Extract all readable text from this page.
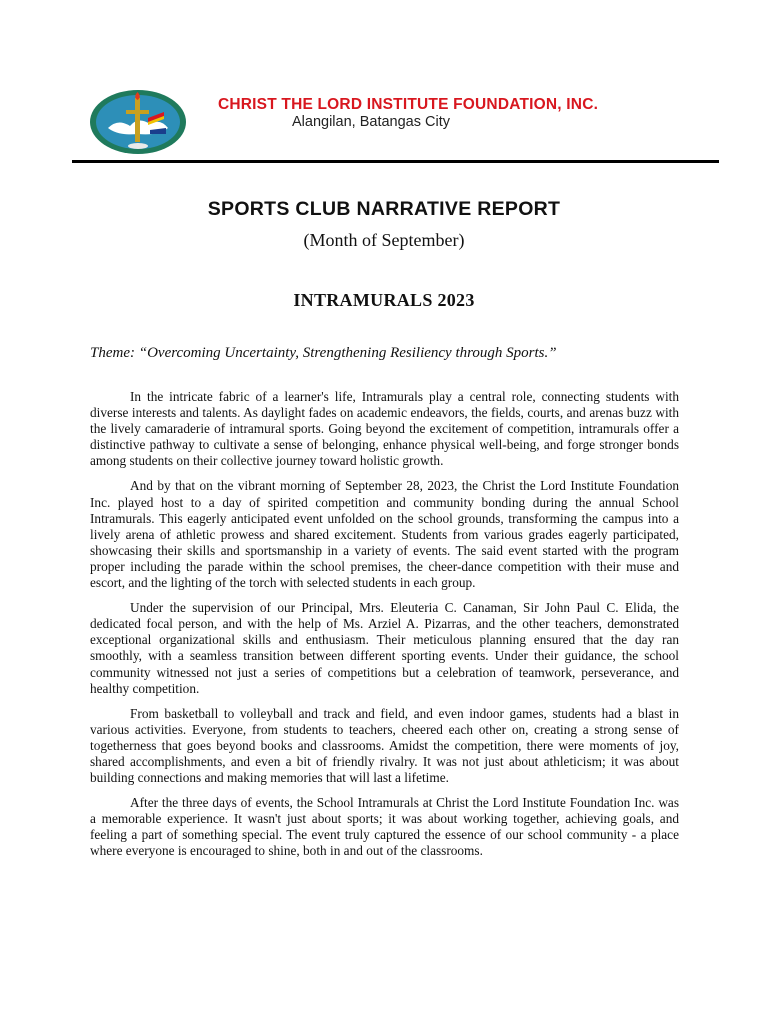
CHRIST THE LORD INSTITUTE FOUNDATION, INC.
Alangilan, Batangas City
SPORTS CLUB NARRATIVE REPORT
(Month of September)
INTRAMURALS 2023
Theme: “Overcoming Uncertainty, Strengthening Resiliency through Sports.”

In the intricate fabric of a learner's life, Intramurals play a central role, connecting students with diverse interests and talents. As daylight fades on academic endeavors, the fields, courts, and arenas buzz with the lively camaraderie of intramural sports. Going beyond the excitement of competition, intramurals offer a distinctive pathway to cultivate a sense of belonging, enhance physical well-being, and forge stronger bonds among students on their collective journey toward holistic growth.

And by that on the vibrant morning of September 28, 2023, the Christ the Lord Institute Foundation Inc. played host to a day of spirited competition and community bonding during the annual School Intramurals. This eagerly anticipated event unfolded on the school grounds, transforming the campus into a lively arena of athletic prowess and shared excitement. Students from various grades eagerly participated, showcasing their skills and sportsmanship in a variety of events. The said event started with the program proper including the parade within the school premises, the cheer-dance competition with their muse and escort, and the lighting of the torch with selected students in each group.

Under the supervision of our Principal, Mrs. Eleuteria C. Canaman, Sir John Paul C. Elida, the dedicated focal person, and with the help of Ms. Arziel A. Pizarras, and the other teachers, demonstrated exceptional organizational skills and enthusiasm. Their meticulous planning ensured that the day ran smoothly, with a seamless transition between different sporting events. Under their guidance, the school community witnessed not just a series of competitions but a celebration of teamwork, perseverance, and healthy competition.

From basketball to volleyball and track and field, and even indoor games, students had a blast in various activities. Everyone, from students to teachers, cheered each other on, creating a strong sense of togetherness that goes beyond books and classrooms. Amidst the competition, there were moments of joy, shared accomplishments, and even a bit of friendly rivalry. It was not just about athleticism; it was about building connections and making memories that will last a lifetime.

After the three days of events, the School Intramurals at Christ the Lord Institute Foundation Inc. was a memorable experience. It wasn't just about sports; it was about working together, achieving goals, and feeling a part of something special. The event truly captured the essence of our school community - a place where everyone is encouraged to shine, both in and out of the classrooms.
